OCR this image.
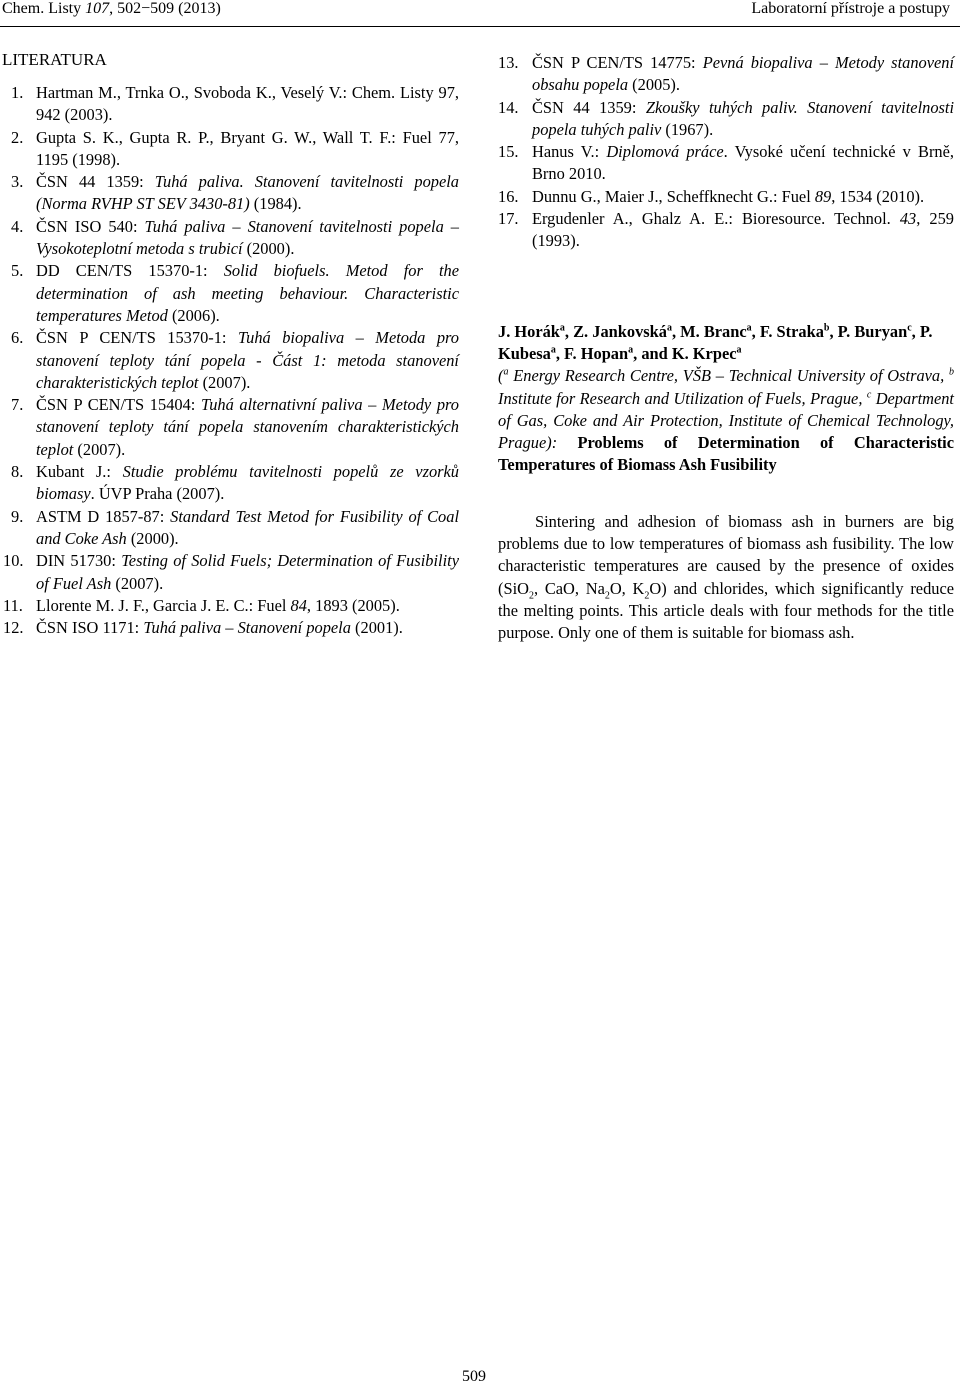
Chem. Listy 107, 502−509 (2013)	Laboratorní přístroje a postupy
LITERATURA
1. Hartman M., Trnka O., Svoboda K., Veselý V.: Chem. Listy 97, 942 (2003).
2. Gupta S. K., Gupta R. P., Bryant G. W., Wall T. F.: Fuel 77, 1195 (1998).
3. ČSN 44 1359: Tuhá paliva. Stanovení tavitelnosti popela (Norma RVHP ST SEV 3430-81) (1984).
4. ČSN ISO 540: Tuhá paliva – Stanovení tavitelnosti popela – Vysokoteplotní metoda s trubicí (2000).
5. DD CEN/TS 15370-1: Solid biofuels. Metod for the determination of ash meeting behaviour. Characteristic temperatures Metod (2006).
6. ČSN P CEN/TS 15370-1: Tuhá biopaliva – Metoda pro stanovení teploty tání popela - Část 1: metoda stanovení charakteristických teplot (2007).
7. ČSN P CEN/TS 15404: Tuhá alternativní paliva – Metody pro stanovení teploty tání popela stanovením charakteristických teplot (2007).
8. Kubant J.: Studie problému tavitelnosti popelů ze vzorků biomasy. ÚVP Praha (2007).
9. ASTM D 1857-87: Standard Test Metod for Fusibility of Coal and Coke Ash (2000).
10. DIN 51730: Testing of Solid Fuels; Determination of Fusibility of Fuel Ash (2007).
11. Llorente M. J. F., Garcia J. E. C.: Fuel 84, 1893 (2005).
12. ČSN ISO 1171: Tuhá paliva – Stanovení popela (2001).
13. ČSN P CEN/TS 14775: Pevná biopaliva – Metody stanovení obsahu popela (2005).
14. ČSN 44 1359: Zkoušky tuhých paliv. Stanovení tavitelnosti popela tuhých paliv (1967).
15. Hanus V.: Diplomová práce. Vysoké učení technické v Brně, Brno 2010.
16. Dunnu G., Maier J., Scheffknecht G.: Fuel 89, 1534 (2010).
17. Ergudenler A., Ghalz A. E.: Bioresource. Technol. 43, 259 (1993).
J. Horák$^a$, Z. Jankovská$^a$, M. Branc$^a$, F. Straka$^b$, P. Buryan$^c$, P. Kubesa$^a$, F. Hopan$^a$, and K. Krpec$^a$
($^a$ Energy Research Centre, VŠB – Technical University of Ostrava, $^b$ Institute for Research and Utilization of Fuels, Prague, $^c$ Department of Gas, Coke and Air Protection, Institute of Chemical Technology, Prague): Problems of Determination of Characteristic Temperatures of Biomass Ash Fusibility
Sintering and adhesion of biomass ash in burners are big problems due to low temperatures of biomass ash fusibility. The low characteristic temperatures are caused by the presence of oxides (SiO$_2$, CaO, $Na_2O$, $K_2O$) and chlorides, which significantly reduce the melting points. This article deals with four methods for the title purpose. Only one of them is suitable for biomass ash.
509
